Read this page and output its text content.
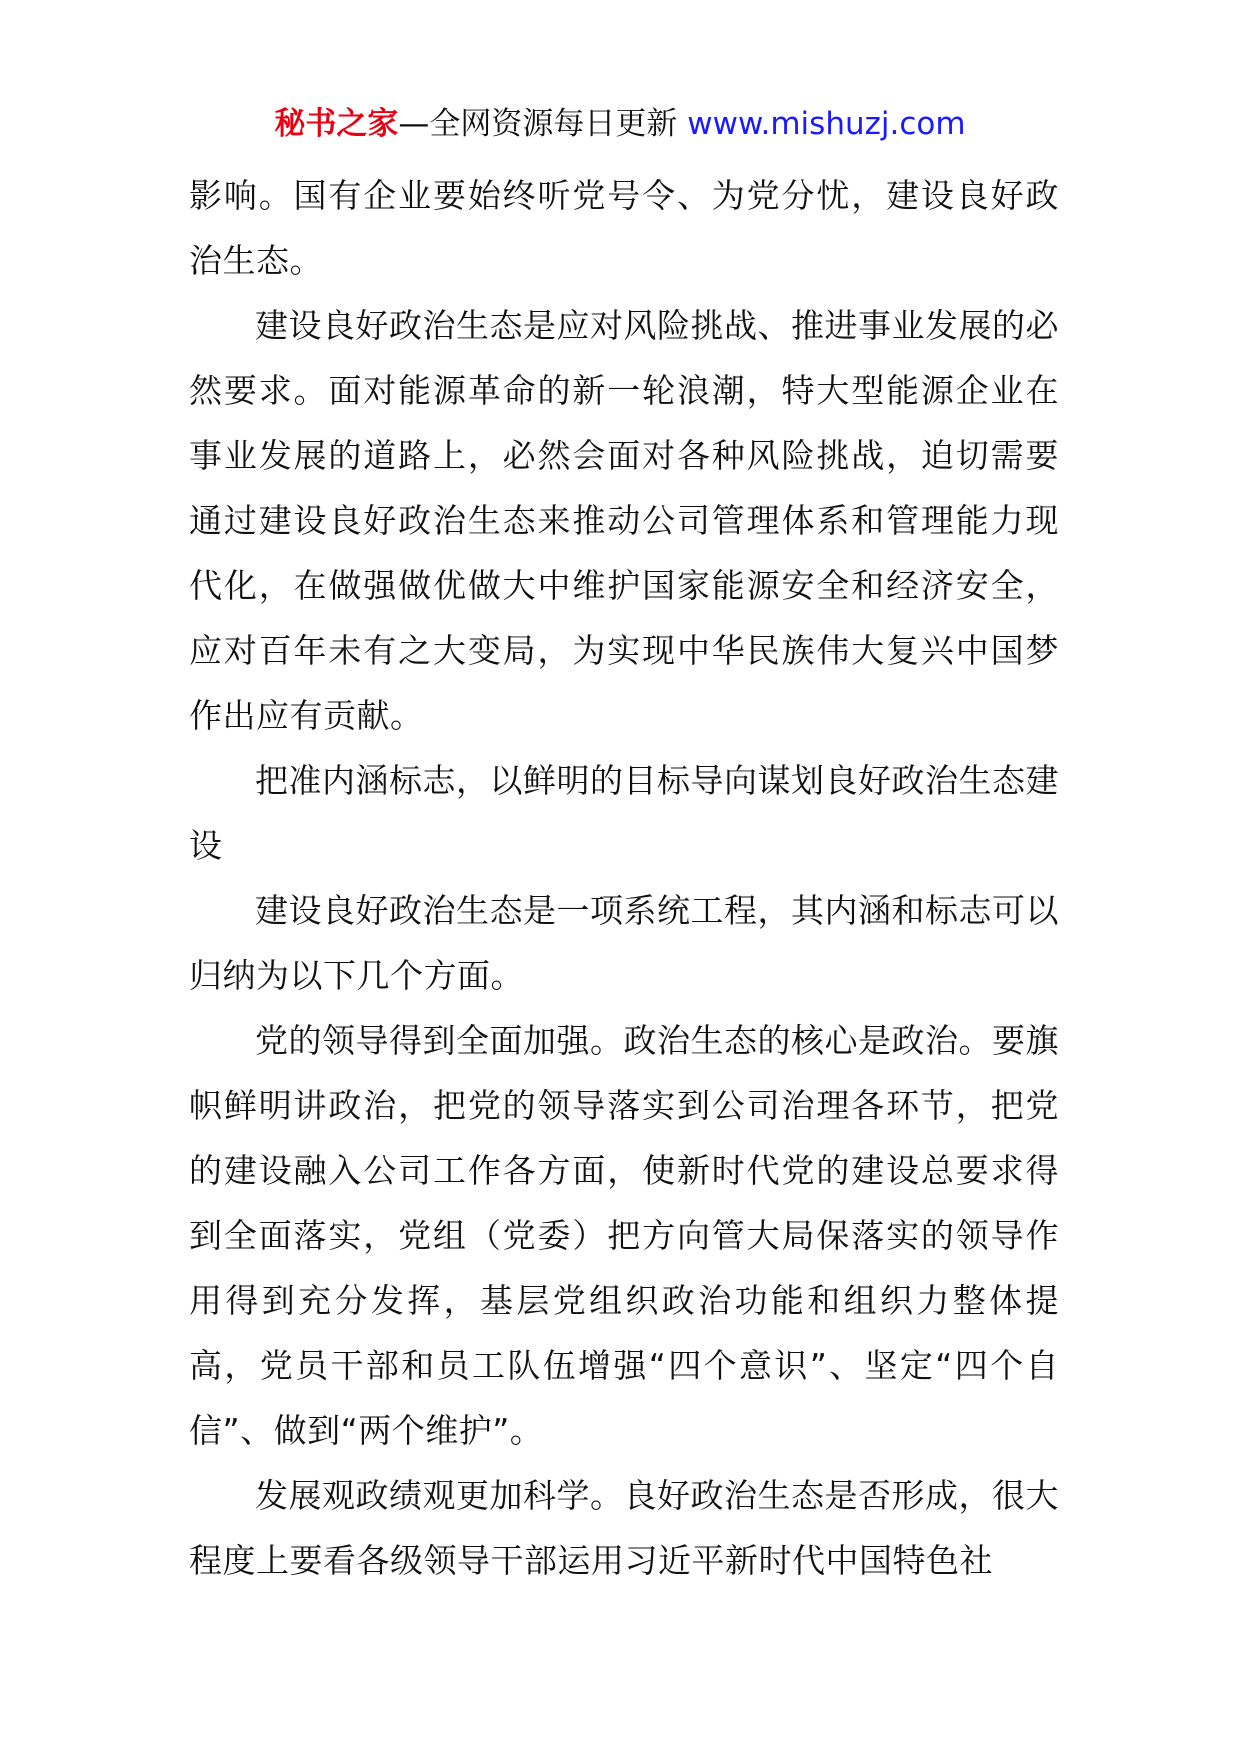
秘书之家—全网资源每日更新 www.mishuzj.com

影响。国有企业要始终听党号令、为党分忧，建设良好政治生态。

建设良好政治生态是应对风险挑战、推进事业发展的必然要求。面对能源革命的新一轮浪潮，特大型能源企业在事业发展的道路上，必然会面对各种风险挑战，迫切需要通过建设良好政治生态来推动公司管理体系和管理能力现代化，在做强做优做大中维护国家能源安全和经济安全，应对百年未有之大变局，为实现中华民族伟大复兴中国梦作出应有贡献。

把准内涵标志，以鲜明的目标导向谋划良好政治生态建设

建设良好政治生态是一项系统工程，其内涵和标志可以归纳为以下几个方面。

党的领导得到全面加强。政治生态的核心是政治。要旗帜鲜明讲政治，把党的领导落实到公司治理各环节，把党的建设融入公司工作各方面，使新时代党的建设总要求得到全面落实，党组（党委）把方向管大局保落实的领导作用得到充分发挥，基层党组织政治功能和组织力整体提高，党员干部和员工队伍增强“四个意识”、坚定“四个自信”、做到“两个维护”。

发展观政绩观更加科学。良好政治生态是否形成，很大程度上要看各级领导干部运用习近平新时代中国特色社
